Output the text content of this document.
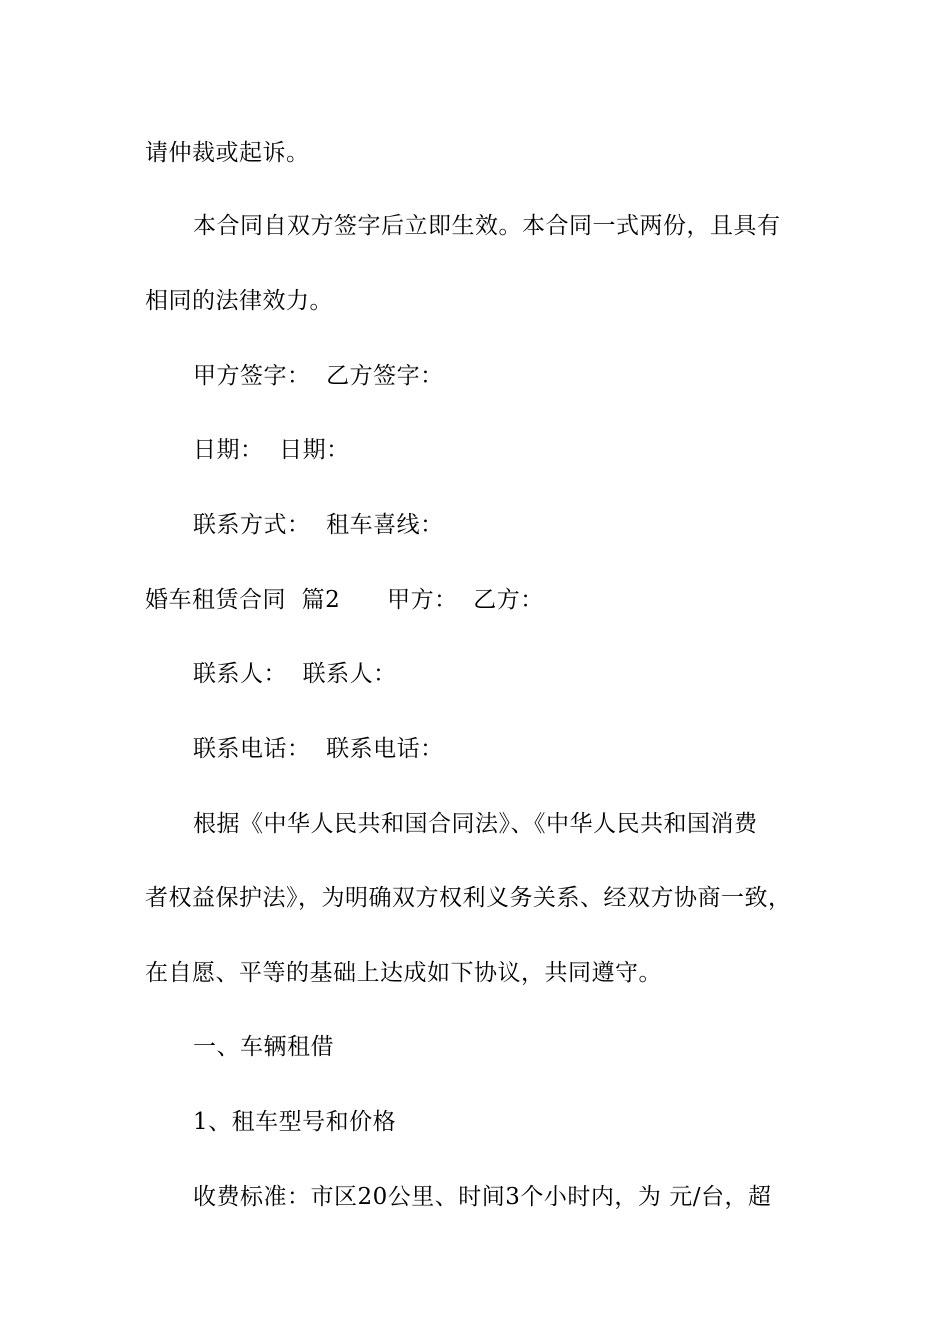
请仲裁或起诉。
本合同自双方签字后立即生效。本合同一式两份，且具有
相同的法律效力。
甲方签字：  乙方签字：
日期：  日期：
联系方式：  租车喜线：
婚车租赁合同  篇2      甲方：  乙方：
联系人：  联系人：
联系电话：  联系电话：
根据《中华人民共和国合同法》、《中华人民共和国消费
者权益保护法》，为明确双方权利义务关系、经双方协商一致，
在自愿、平等的基础上达成如下协议，共同遵守。
一、车辆租借
1、租车型号和价格
收费标准：市区20公里、时间3个小时内，为 元/台，超
